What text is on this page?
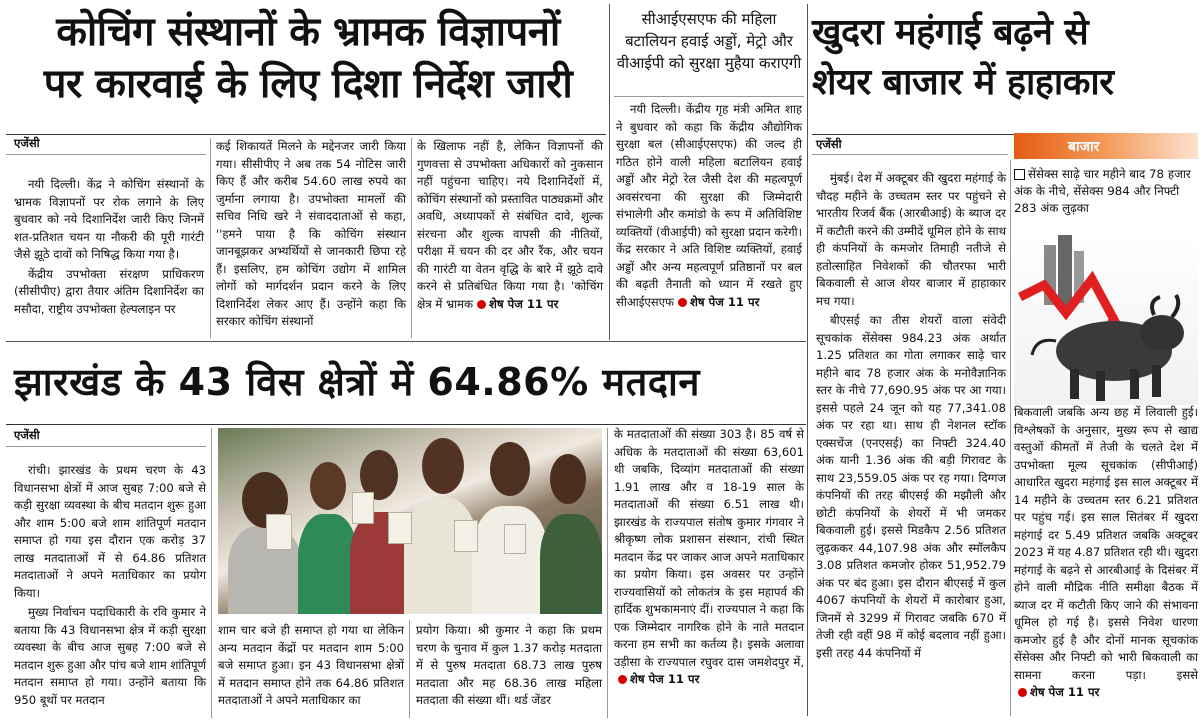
कोचिंग संस्थानों के भ्रामक विज्ञापनों
पर कारवाई के लिए दिशा निर्देश जारी
एजेंसी

नयी दिल्ली। केंद्र ने कोचिंग संस्थानों के भ्रामक विज्ञापनों पर रोक लगाने के लिए बुधवार को नये दिशानिर्देश जारी किए जिनमें शत-प्रतिशत चयन या नौकरी की पूरी गारंटी जैसे झूठे दावों को निषिद्ध किया गया है।

केंद्रीय उपभोक्ता संरक्षण प्राधिकरण (सीसीपीए) द्वारा तैयार अंतिम दिशानिर्देश का मसौदा, राष्ट्रीय उपभोक्ता हेल्पलाइन पर

कई शिकायतें मिलने के मद्देनजर जारी किया गया। सीसीपीए ने अब तक 54 नोटिस जारी किए हैं और करीब 54.60 लाख रुपये का जुर्माना लगाया है। उपभोक्ता मामलों की सचिव निधि खरे ने संवाददाताओं से कहा, ''हमने पाया है कि कोचिंग संस्थान जानबूझकर अभ्यर्थियों से जानकारी छिपा रहे हैं। इसलिए, हम कोचिंग उद्योग में शामिल लोगों को मार्गदर्शन प्रदान करने के लिए दिशानिर्देश लेकर आए हैं। उन्होंने कहा कि सरकार कोचिंग संस्थानों

के खिलाफ नहीं है, लेकिन विज्ञापनों की गुणवत्ता से उपभोक्ता अधिकारों को नुकसान नहीं पहुंचना चाहिए। नये दिशानिर्देशों में, कोचिंग संस्थानों को प्रस्तावित पाठ्यक्रमों और अवधि, अध्यापकों से संबंधित दावे, शुल्क संरचना और शुल्क वापसी की नीतियों, परीक्षा में चयन की दर और रैंक, और चयन की गारंटी या वेतन वृद्धि के बारे में झूठे दावे करने से प्रतिबंधित किया गया है। 'कोचिंग क्षेत्र में भ्रामक शेष पेज 11 पर
सीआईएसएफ की महिला बटालियन हवाई अड्डों, मेट्रो और वीआईपी को सुरक्षा मुहैया कराएगी
नयी दिल्ली। केंद्रीय गृह मंत्री अमित शाह ने बुधवार को कहा कि केंद्रीय औद्योगिक सुरक्षा बल (सीआईएसएफ) की जल्द ही गठित होने वाली महिला बटालियन हवाई अड्डों और मेट्रो रेल जैसी देश की महत्वपूर्ण अवसंरचना की सुरक्षा की जिम्मेदारी संभालेगी और कमांडो के रूप में अतिविशिष्ट व्यक्तियों (वीआईपी) को सुरक्षा प्रदान करेगी। केंद्र सरकार ने अति विशिष्ट व्यक्तियों, हवाई अड्डों और अन्य महत्वपूर्ण प्रतिष्ठानों पर बल की बढ़ती तैनाती को ध्यान में रखते हुए सीआईएसएफ शेष पेज 11 पर
खुदरा महंगाई बढ़ने से
शेयर बाजार में हाहाकार
एजेंसी

मुंबई। देश में अक्टूबर की खुदरा महंगाई के चौदह महीने के उच्चतम स्तर पर पहुंचने से भारतीय रिजर्व बैंक (आरबीआई) के ब्याज दर में कटौती करने की उम्मीदें धूमिल होने के साथ ही कंपनियों के कमजोर तिमाही नतीजे से हतोत्साहित निवेशकों की चौतरफा भारी बिकवाली से आज शेयर बाजार में हाहाकार मच गया।

बीएसई का तीस शेयरों वाला संवेदी सूचकांक सेंसेक्स 984.23 अंक अर्थात 1.25 प्रतिशत का गोता लगाकर साढ़े चार महीने बाद 78 हजार अंक के मनोवैज्ञानिक स्तर के नीचे 77,690.95 अंक पर आ गया। इससे पहले 24 जून को यह 77,341.08 अंक पर रहा था। साथ ही नेशनल स्टॉक एक्सचेंज (एनएसई) का निफ्टी 324.40 अंक यानी 1.36 अंक की बड़ी गिरावट के साथ 23,559.05 अंक पर रह गया। दिग्गज कंपनियों की तरह बीएसई की मझौली और छोटी कंपनियों के शेयरों में भी जमकर बिकवाली हुई। इससे मिडकैप 2.56 प्रतिशत लुढ़ककर 44,107.98 अंक और स्मॉलकैप 3.08 प्रतिशत कमजोर होकर 51,952.79 अंक पर बंद हुआ। इस दौरान बीएसई में कुल 4067 कंपनियों के शेयरों में कारोबार हुआ, जिनमें से 3299 में गिरावट जबकि 670 में तेजी रही वहीं 98 में कोई बदलाव नहीं हुआ। इसी तरह 44 कंपनियों में

बाजार
सेंसेक्स साढ़े चार महीने बाद 78 हजार अंक के नीचे, सेंसेक्स 984 और निफ्टी 283 अंक लुढ़का
बिकवाली जबकि अन्य छह में लिवाली हुई। विश्लेषकों के अनुसार, मुख्य रूप से खाद्य वस्तुओं कीमतों में तेजी के चलते देश में उपभोक्ता मूल्य सूचकांक (सीपीआई) आधारित खुदरा महंगाई इस साल अक्टूबर में 14 महीने के उच्चतम स्तर 6.21 प्रतिशत पर पहुंच गई। इस साल सितंबर में खुदरा महंगाई दर 5.49 प्रतिशत जबकि अक्टूबर 2023 में यह 4.87 प्रतिशत रही थी। खुदरा महंगाई के बढ़ने से आरबीआई के दिसंबर में होने वाली मौद्रिक नीति समीक्षा बैठक में ब्याज दर में कटौती किए जाने की संभावना धूमिल हो गई है। इससे निवेश धारणा कमजोर हुई है और दोनों मानक सूचकांक सेंसेक्स और निफ्टी को भारी बिकवाली का सामना करना पड़ा। इससेशेष पेज 11 पर
झारखंड के 43 विस क्षेत्रों में 64.86% मतदान
एजेंसी

रांची। झारखंड के प्रथम चरण के 43 विधानसभा क्षेत्रों में आज सुबह 7:00 बजे से कड़ी सुरक्षा व्यवस्था के बीच मतदान शुरू हुआ और शाम 5:00 बजे शाम शांतिपूर्ण मतदान समाप्त हो गया इस दौरान एक करोड़ 37 लाख मतदाताओं में से 64.86 प्रतिशत मतदाताओं ने अपने मताधिकार का प्रयोग किया।

मुख्य निर्वाचन पदाधिकारी के रवि कुमार ने बताया कि 43 विधानसभा क्षेत्र में कड़ी सुरक्षा व्यवस्था के बीच आज सुबह 7:00 बजे से मतदान शुरू हुआ और पांच बजे शाम शांतिपूर्ण मतदान समाप्त हो गया। उन्होंने बताया कि 950 बूथों पर मतदान

शाम चार बजे ही समाप्त हो गया था लेकिन अन्य मतदान केंद्रों पर मतदान शाम 5:00 बजे समाप्त हुआ। इन 43 विधानसभा क्षेत्रों में मतदान समाप्त होने तक 64.86 प्रतिशत मतदाताओं ने अपने मताधिकार का
प्रयोग किया। श्री कुमार ने कहा कि प्रथम चरण के चुनाव में कुल 1.37 करोड़ मतदाता में से पुरुष मतदाता 68.73 लाख पुरुष मतदाता और मह 68.36 लाख महिला मतदाता की संख्या थीं। थर्ड जेंडर
के मतदाताओं की संख्या 303 है। 85 वर्ष से अधिक के मतदाताओं की संख्या 63,601 थी जबकि, दिव्यांग मतदाताओं की संख्या 1.91 लाख और व 18-19 साल के मतदाताओं की संख्या 6.51 लाख थी। झारखंड के राज्यपाल संतोष कुमार गंगवार ने श्रीकृष्ण लोक प्रशासन संस्थान, रांची स्थित मतदान केंद्र पर जाकर आज अपने मताधिकार का प्रयोग किया। इस अवसर पर उन्होंने राज्यवासियों को लोकतंत्र के इस महापर्व की हार्दिक शुभकामनाएं दीं। राज्यपाल ने कहा कि एक जिम्मेदार नागरिक होने के नाते मतदान करना हम सभी का कर्तव्य है। इसके अलावा उड़ीसा के राज्यपाल रघुवर दास जमशेदपुर में,शेष पेज 11 पर
